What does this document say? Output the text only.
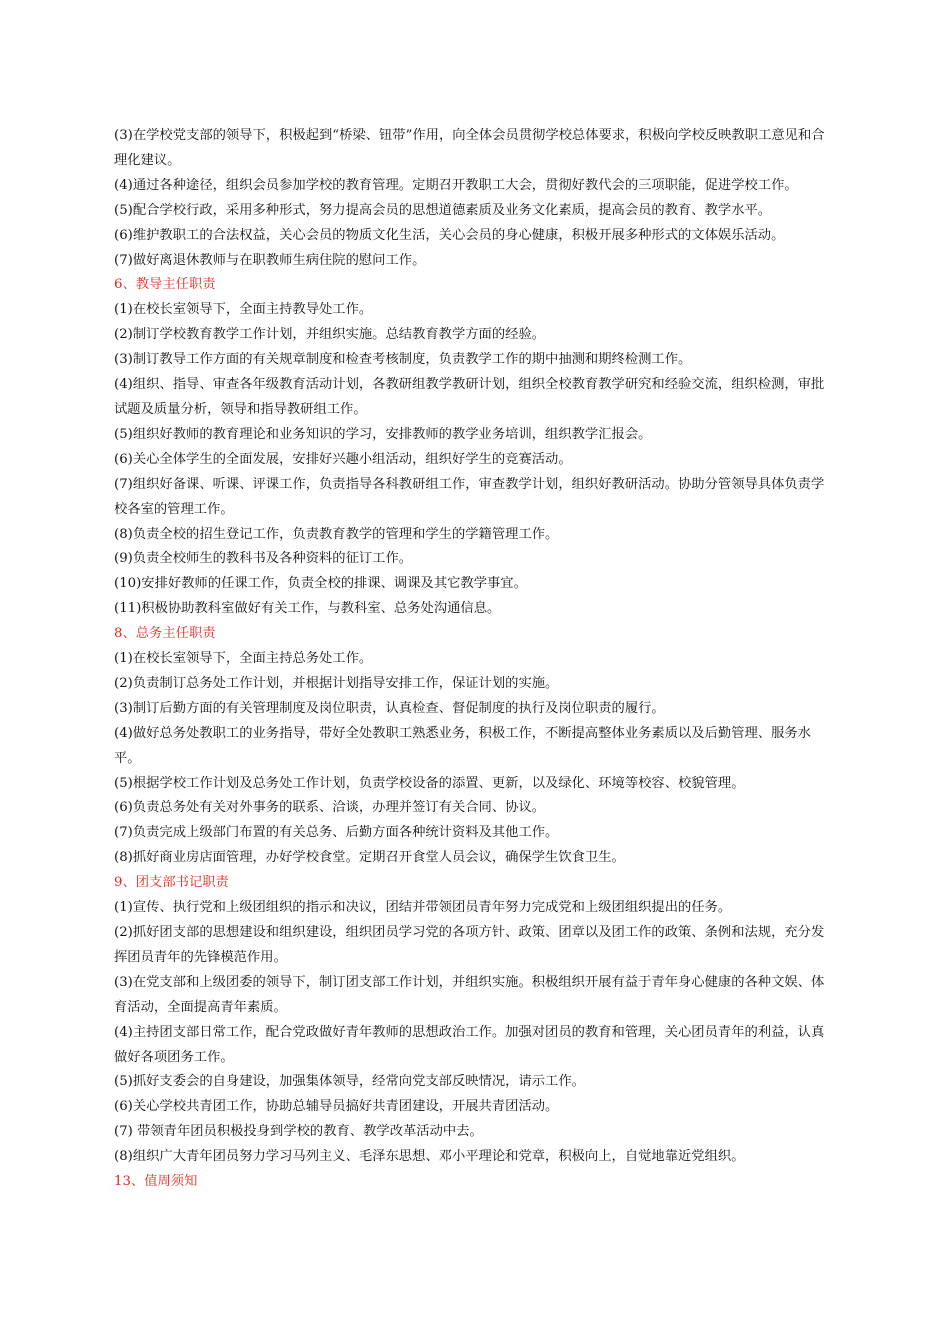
(3)在学校党支部的领导下，积极起到“桥梁、钮带”作用，向全体会员贯彻学校总体要求，积极向学校反映教职工意见和合理化建议。

(4)通过各种途径，组织会员参加学校的教育管理。定期召开教职工大会，贯彻好教代会的三项职能，促进学校工作。

(5)配合学校行政，采用多种形式，努力提高会员的思想道德素质及业务文化素质，提高会员的教育、教学水平。

(6)维护教职工的合法权益，关心会员的物质文化生活，关心会员的身心健康，积极开展多种形式的文体娱乐活动。

(7)做好离退休教师与在职教师生病住院的慰问工作。

6、教导主任职责

(1)在校长室领导下，全面主持教导处工作。

(2)制订学校教育教学工作计划，并组织实施。总结教育教学方面的经验。

(3)制订教导工作方面的有关规章制度和检查考核制度，负责教学工作的期中抽测和期终检测工作。

(4)组织、指导、审查各年级教育活动计划，各教研组教学教研计划，组织全校教育教学研究和经验交流，组织检测，审批试题及质量分析，领导和指导教研组工作。

(5)组织好教师的教育理论和业务知识的学习，安排教师的教学业务培训，组织教学汇报会。

(6)关心全体学生的全面发展，安排好兴趣小组活动，组织好学生的竞赛活动。

(7)组织好备课、听课、评课工作，负责指导各科教研组工作，审查教学计划，组织好教研活动。协助分管领导具体负责学校各室的管理工作。

(8)负责全校的招生登记工作，负责教育教学的管理和学生的学籍管理工作。

(9)负责全校师生的教科书及各种资料的征订工作。

(10)安排好教师的任课工作，负责全校的排课、调课及其它教学事宜。

(11)积极协助教科室做好有关工作，与教科室、总务处沟通信息。

8、总务主任职责

(1)在校长室领导下，全面主持总务处工作。

(2)负责制订总务处工作计划，并根据计划指导安排工作，保证计划的实施。

(3)制订后勤方面的有关管理制度及岗位职责，认真检查、督促制度的执行及岗位职责的履行。

(4)做好总务处教职工的业务指导，带好全处教职工熟悉业务，积极工作，不断提高整体业务素质以及后勤管理、服务水平。

(5)根据学校工作计划及总务处工作计划，负责学校设备的添置、更新，以及绿化、环境等校容、校貌管理。

(6)负责总务处有关对外事务的联系、洽谈，办理并签订有关合同、协议。

(7)负责完成上级部门布置的有关总务、后勤方面各种统计资料及其他工作。

(8)抓好商业房店面管理，办好学校食堂。定期召开食堂人员会议，确保学生饮食卫生。

9、团支部书记职责

(1)宣传、执行党和上级团组织的指示和决议，团结并带领团员青年努力完成党和上级团组织提出的任务。

(2)抓好团支部的思想建设和组织建设，组织团员学习党的各项方针、政策、团章以及团工作的政策、条例和法规，充分发挥团员青年的先锋模范作用。

(3)在党支部和上级团委的领导下，制订团支部工作计划，并组织实施。积极组织开展有益于青年身心健康的各种文娱、体育活动，全面提高青年素质。

(4)主持团支部日常工作，配合党政做好青年教师的思想政治工作。加强对团员的教育和管理，关心团员青年的利益，认真做好各项团务工作。

(5)抓好支委会的自身建设，加强集体领导，经常向党支部反映情况，请示工作。

(6)关心学校共青团工作，协助总辅导员搞好共青团建设，开展共青团活动。

(7) 带领青年团员积极投身到学校的教育、教学改革活动中去。

(8)组织广大青年团员努力学习马列主义、毛泽东思想、邓小平理论和党章，积极向上，自觉地靠近党组织。

13、值周须知
